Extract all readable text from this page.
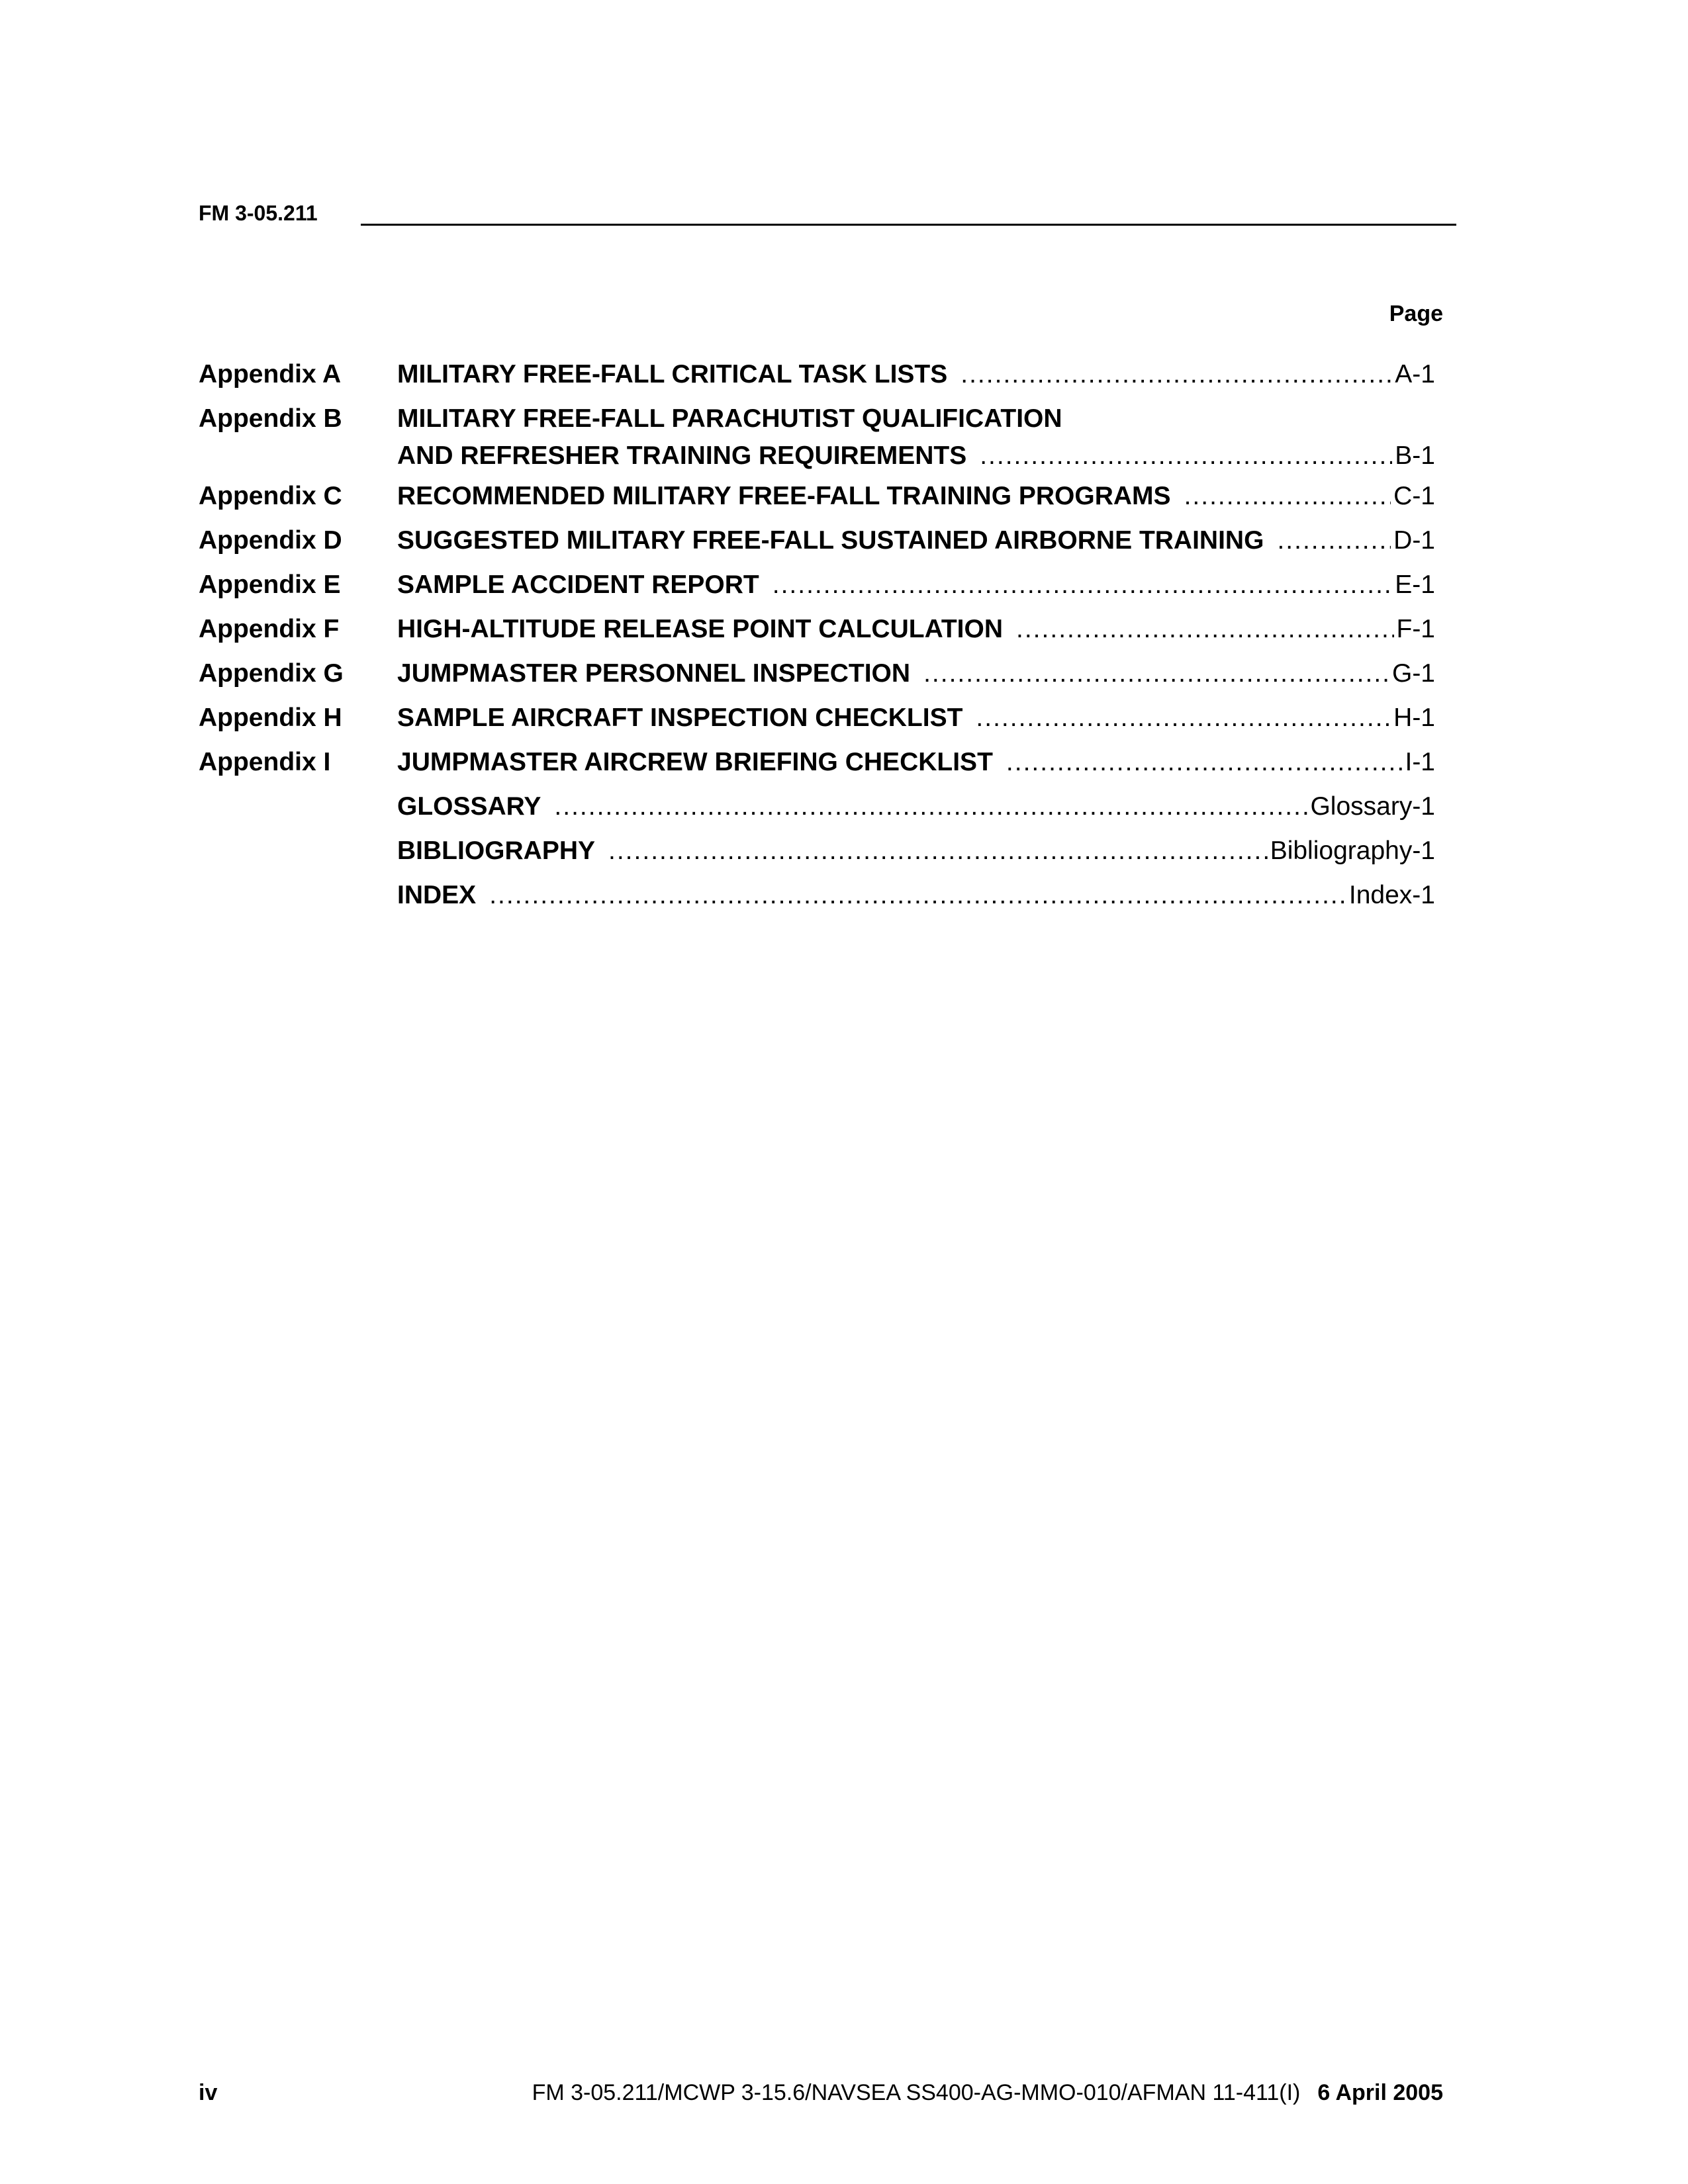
FM 3-05.211
Page
Appendix A	MILITARY FREE-FALL CRITICAL TASK LISTS .....	A-1
Appendix B	MILITARY FREE-FALL PARACHUTIST QUALIFICATION
AND REFRESHER TRAINING REQUIREMENTS .....	B-1
Appendix C	RECOMMENDED MILITARY FREE-FALL TRAINING PROGRAMS .....	C-1
Appendix D	SUGGESTED MILITARY FREE-FALL SUSTAINED AIRBORNE TRAINING .....	D-1
Appendix E	SAMPLE ACCIDENT REPORT .....	E-1
Appendix F	HIGH-ALTITUDE RELEASE POINT CALCULATION .....	F-1
Appendix G	JUMPMASTER PERSONNEL INSPECTION .....	G-1
Appendix H	SAMPLE AIRCRAFT INSPECTION CHECKLIST .....	H-1
Appendix I	JUMPMASTER AIRCREW BRIEFING CHECKLIST .....	I-1
GLOSSARY .....	Glossary-1
BIBLIOGRAPHY .....	Bibliography-1
INDEX .....	Index-1
iv	FM 3-05.211/MCWP 3-15.6/NAVSEA SS400-AG-MMO-010/AFMAN 11-411(I) 6 April 2005
